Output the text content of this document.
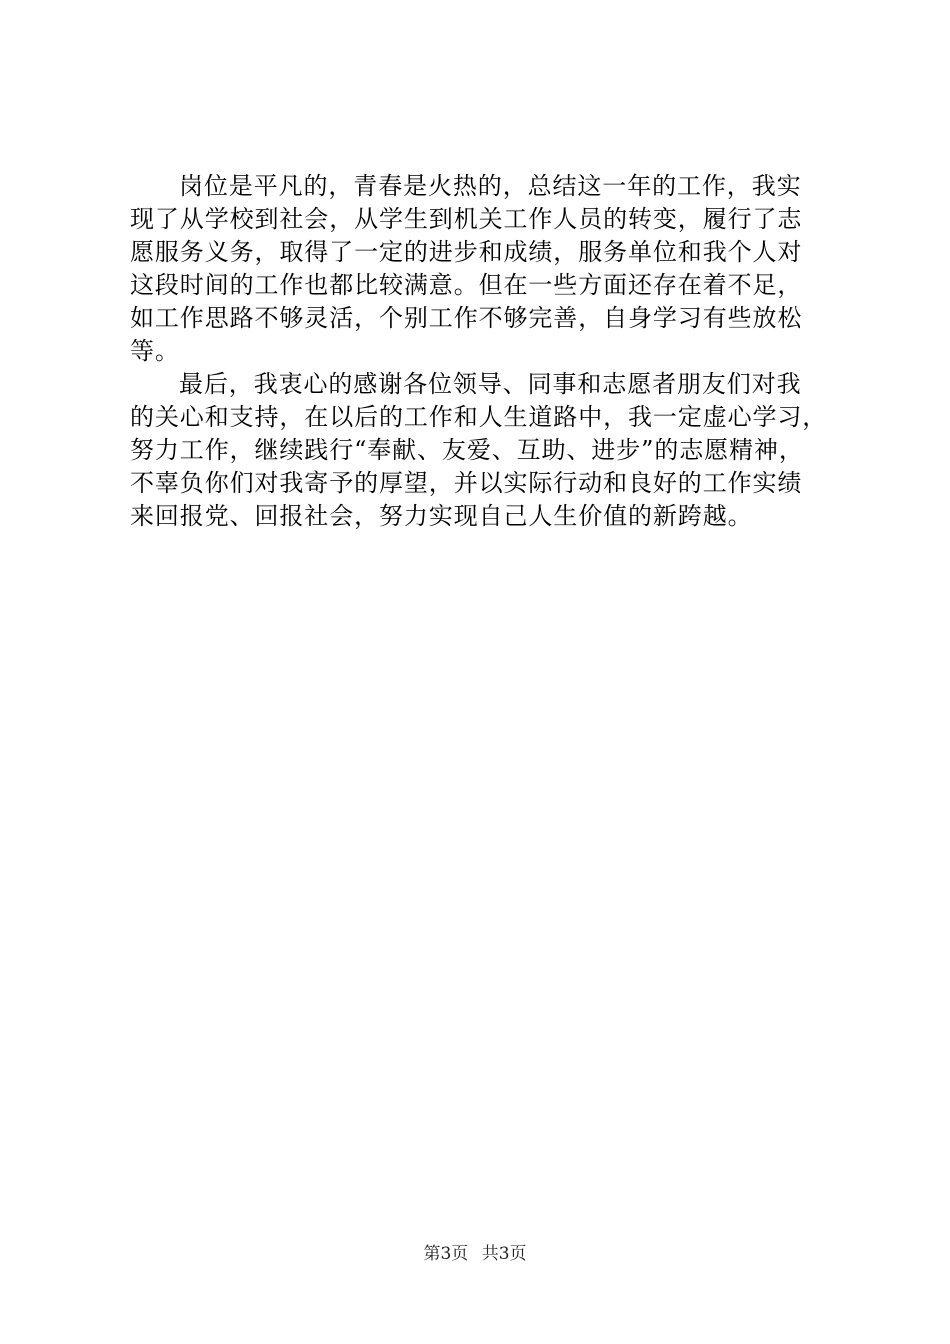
岗位是平凡的，青春是火热的，总结这一年的工作，我实
现了从学校到社会，从学生到机关工作人员的转变，履行了志
愿服务义务，取得了一定的进步和成绩，服务单位和我个人对
这段时间的工作也都比较满意。但在一些方面还存在着不足，
如工作思路不够灵活，个别工作不够完善，自身学习有些放松
等。
最后，我衷心的感谢各位领导、同事和志愿者朋友们对我
的关心和支持，在以后的工作和人生道路中，我一定虚心学习，
努力工作，继续践行“奉献、友爱、互助、进步”的志愿精神，
不辜负你们对我寄予的厚望，并以实际行动和良好的工作实绩
来回报党、回报社会，努力实现自己人生价值的新跨越。
第3页 共3页
